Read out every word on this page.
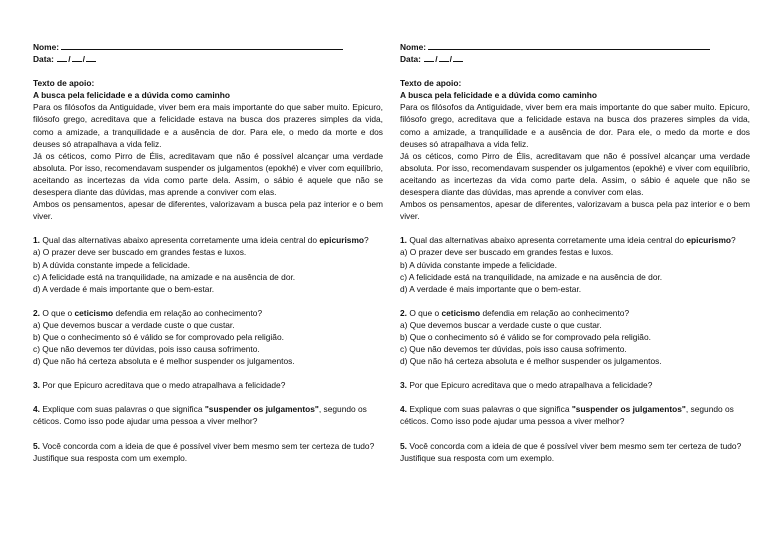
Nome:
Data: / /

Texto de apoio:

A busca pela felicidade e a dúvida como caminho

Para os filósofos da Antiguidade, viver bem era mais importante do que saber muito. Epicuro, filósofo grego, acreditava que a felicidade estava na busca dos prazeres simples da vida, como a amizade, a tranquilidade e a ausência de dor. Para ele, o medo da morte e dos deuses só atrapalhava a vida feliz.

Já os céticos, como Pirro de Élis, acreditavam que não é possível alcançar uma verdade absoluta. Por isso, recomendavam suspender os julgamentos (epokhé) e viver com equilíbrio, aceitando as incertezas da vida como parte dela. Assim, o sábio é aquele que não se desespera diante das dúvidas, mas aprende a conviver com elas.

Ambos os pensamentos, apesar de diferentes, valorizavam a busca pela paz interior e o bem viver.

1. Qual das alternativas abaixo apresenta corretamente uma ideia central do epicurismo?

a) O prazer deve ser buscado em grandes festas e luxos.

b) A dúvida constante impede a felicidade.

c) A felicidade está na tranquilidade, na amizade e na ausência de dor.

d) A verdade é mais importante que o bem-estar.

2. O que o ceticismo defendia em relação ao conhecimento?

a) Que devemos buscar a verdade custe o que custar.

b) Que o conhecimento só é válido se for comprovado pela religião.

c) Que não devemos ter dúvidas, pois isso causa sofrimento.

d) Que não há certeza absoluta e é melhor suspender os julgamentos.

3. Por que Epicuro acreditava que o medo atrapalhava a felicidade?

4. Explique com suas palavras o que significa "suspender os julgamentos", segundo os céticos. Como isso pode ajudar uma pessoa a viver melhor?

5. Você concorda com a ideia de que é possível viver bem mesmo sem ter certeza de tudo? Justifique sua resposta com um exemplo.

Nome:
Data: / /

Texto de apoio:

A busca pela felicidade e a dúvida como caminho

Para os filósofos da Antiguidade, viver bem era mais importante do que saber muito. Epicuro, filósofo grego, acreditava que a felicidade estava na busca dos prazeres simples da vida, como a amizade, a tranquilidade e a ausência de dor. Para ele, o medo da morte e dos deuses só atrapalhava a vida feliz.

Já os céticos, como Pirro de Élis, acreditavam que não é possível alcançar uma verdade absoluta. Por isso, recomendavam suspender os julgamentos (epokhé) e viver com equilíbrio, aceitando as incertezas da vida como parte dela. Assim, o sábio é aquele que não se desespera diante das dúvidas, mas aprende a conviver com elas.

Ambos os pensamentos, apesar de diferentes, valorizavam a busca pela paz interior e o bem viver.

1. Qual das alternativas abaixo apresenta corretamente uma ideia central do epicurismo?

a) O prazer deve ser buscado em grandes festas e luxos.

b) A dúvida constante impede a felicidade.

c) A felicidade está na tranquilidade, na amizade e na ausência de dor.

d) A verdade é mais importante que o bem-estar.

2. O que o ceticismo defendia em relação ao conhecimento?

a) Que devemos buscar a verdade custe o que custar.

b) Que o conhecimento só é válido se for comprovado pela religião.

c) Que não devemos ter dúvidas, pois isso causa sofrimento.

d) Que não há certeza absoluta e é melhor suspender os julgamentos.

3. Por que Epicuro acreditava que o medo atrapalhava a felicidade?

4. Explique com suas palavras o que significa "suspender os julgamentos", segundo os céticos. Como isso pode ajudar uma pessoa a viver melhor?

5. Você concorda com a ideia de que é possível viver bem mesmo sem ter certeza de tudo? Justifique sua resposta com um exemplo.
